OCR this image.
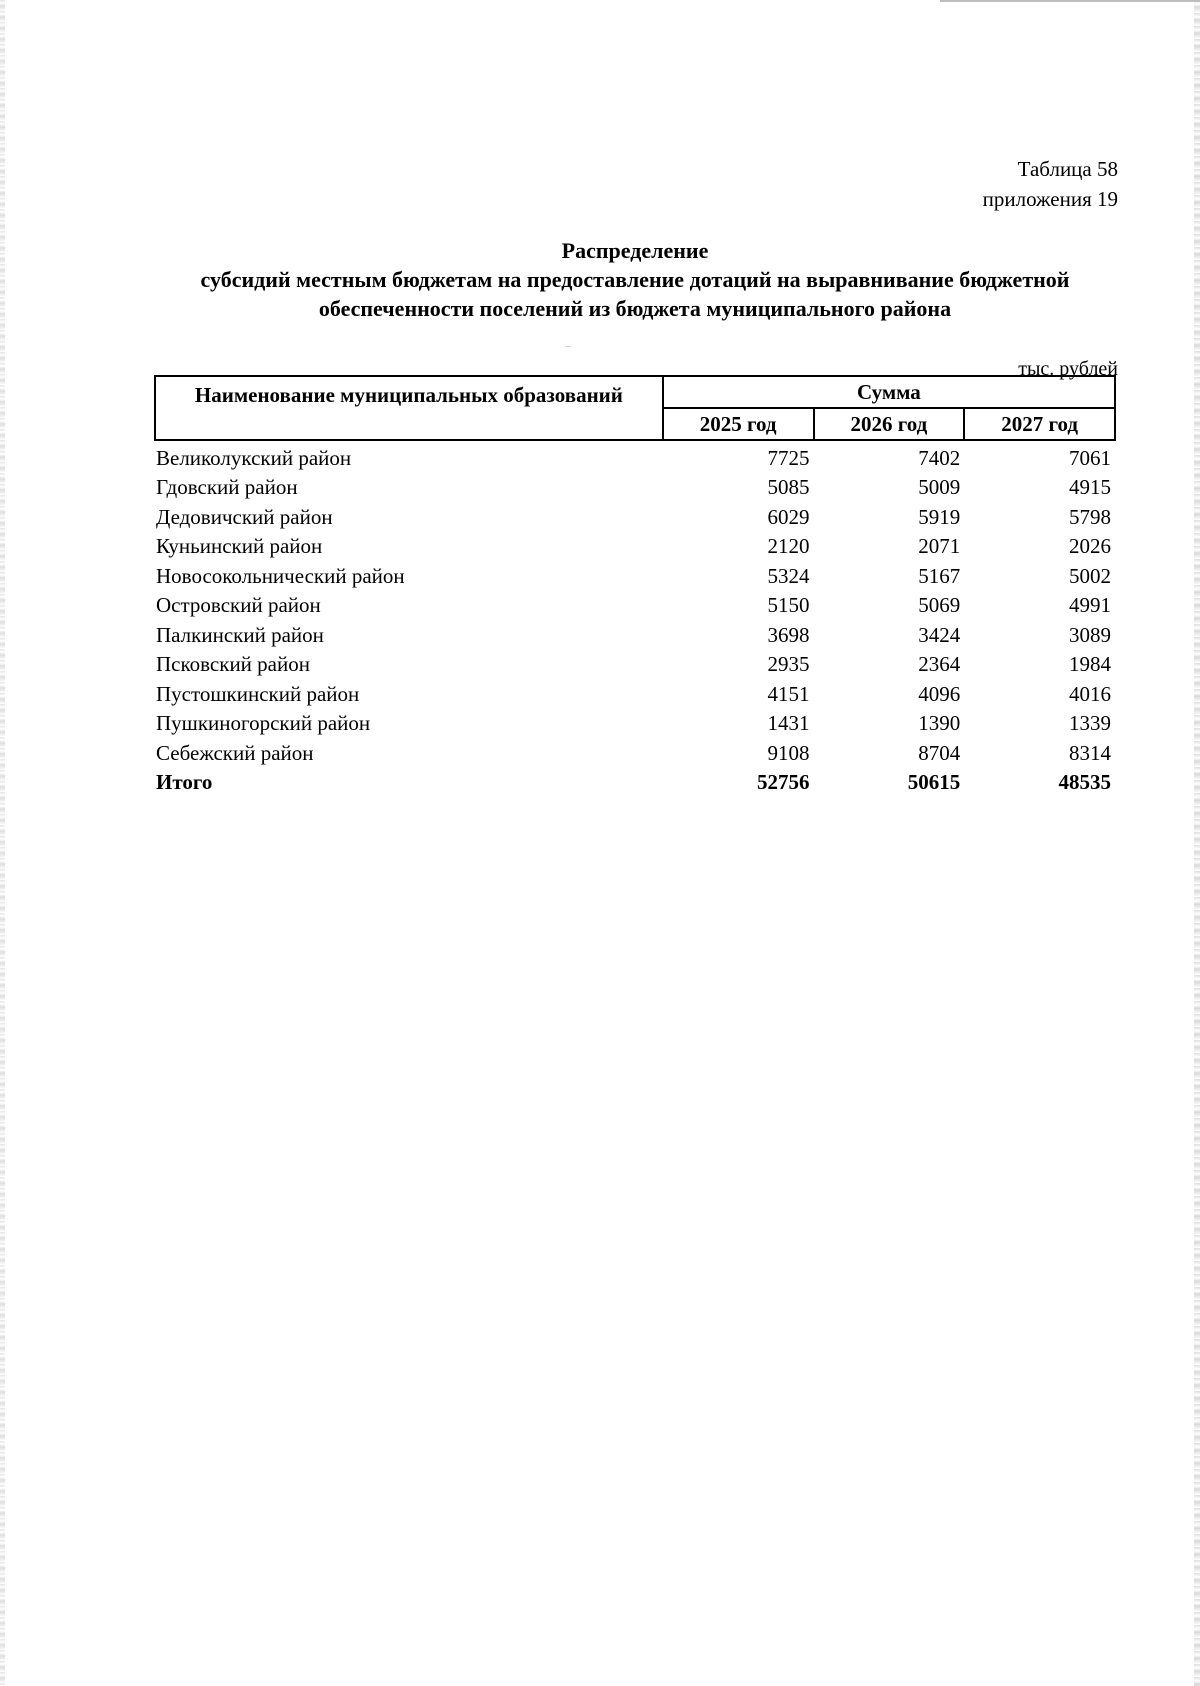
Таблица 58
приложения 19
Распределение
субсидий местным бюджетам на предоставление дотаций на выравнивание бюджетной
обеспеченности поселений из бюджета муниципального района
тыс. рублей
Наименование муниципальных образований	Сумма		
	2025 год	2026 год	2027 год
Великолукский район	7725	7402	7061
Гдовский район	5085	5009	4915
Дедовичский район	6029	5919	5798
Куньинский район	2120	2071	2026
Новосокольнический район	5324	5167	5002
Островский район	5150	5069	4991
Палкинский район	3698	3424	3089
Псковский район	2935	2364	1984
Пустошкинский район	4151	4096	4016
Пушкиногорский район	1431	1390	1339
Себежский район	9108	8704	8314
Итого	52756	50615	48535
